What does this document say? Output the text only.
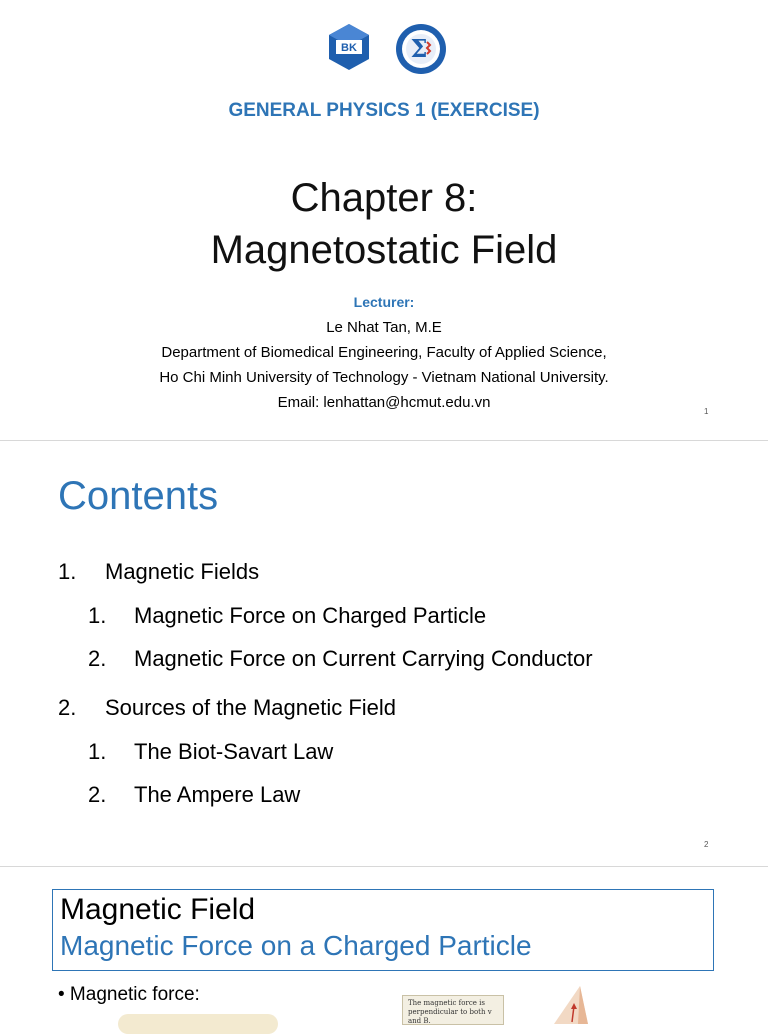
BK Σ
GENERAL PHYSICS 1 (EXERCISE)
Chapter 8:
Magnetostatic Field
Lecturer:
Le Nhat Tan, M.E
Department of Biomedical Engineering, Faculty of Applied Science,
Ho Chi Minh University of Technology - Vietnam National University.
Email: lenhattan@hcmut.edu.vn
1
Contents
1. Magnetic Fields
1. Magnetic Force on Charged Particle
2. Magnetic Force on Current Carrying Conductor
2. Sources of the Magnetic Field
1. The Biot-Savart Law
2. The Ampere Law
2
Magnetic Field
Magnetic Force on a Charged Particle
• Magnetic force:	The magnetic force is
perpendicular to both v and B.
